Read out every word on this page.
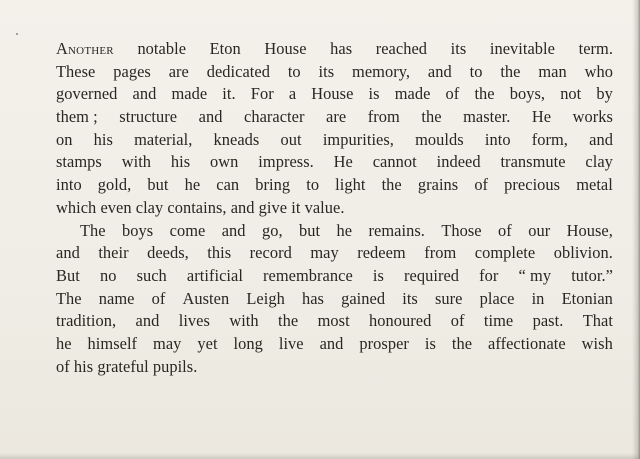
Another notable Eton House has reached its inevitable term.
These pages are dedicated to its memory, and to the man who
governed and made it. For a House is made of the boys, not by
them ; structure and character are from the master. He works
on his material, kneads out impurities, moulds into form, and
stamps with his own impress. He cannot indeed transmute clay
into gold, but he can bring to light the grains of precious metal
which even clay contains, and give it value.
The boys come and go, but he remains. Those of our House,
and their deeds, this record may redeem from complete oblivion.
But no such artificial remembrance is required for “ my tutor.”
The name of Austen Leigh has gained its sure place in Etonian
tradition, and lives with the most honoured of time past. That
he himself may yet long live and prosper is the affectionate wish
of his grateful pupils.
